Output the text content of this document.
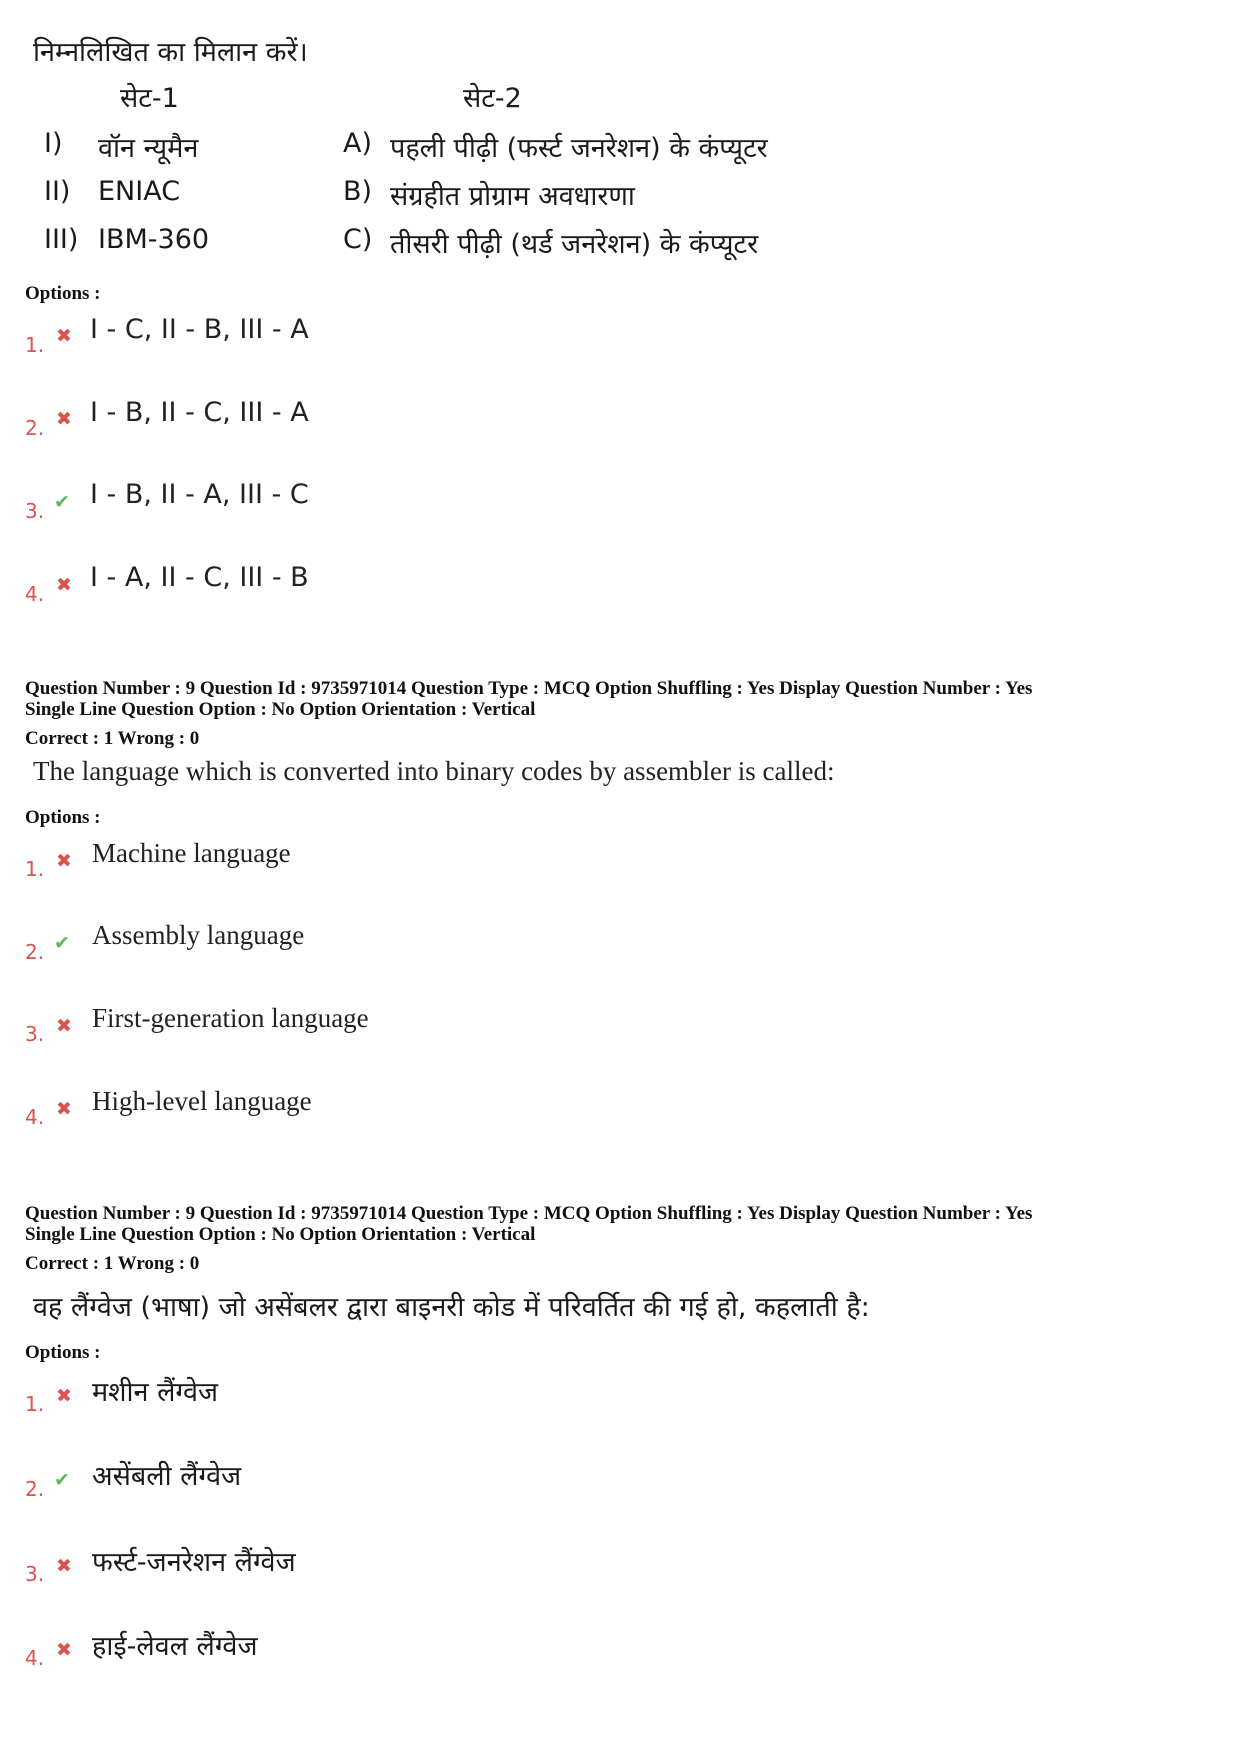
निम्नलिखित का मिलान करें।
सेट-1	सेट-2
I) वॉन न्यूमैन	A) पहली पीढ़ी (फर्स्ट जनरेशन) के कंप्यूटर
II) ENIAC	B) संग्रहीत प्रोग्राम अवधारणा
III) IBM-360	C) तीसरी पीढ़ी (थर्ड जनरेशन) के कंप्यूटर
Options :
1. ✖ I - C, II - B, III - A
2. ✖ I - B, II - C, III - A
3. ✔ I - B, II - A, III - C
4. ✖ I - A, II - C, III - B
Question Number : 9 Question Id : 9735971014 Question Type : MCQ Option Shuffling : Yes Display Question Number : Yes
Single Line Question Option : No Option Orientation : Vertical
Correct : 1 Wrong : 0
The language which is converted into binary codes by assembler is called:
Options :
1. ✖ Machine language
2. ✔ Assembly language
3. ✖ First-generation language
4. ✖ High-level language
Question Number : 9 Question Id : 9735971014 Question Type : MCQ Option Shuffling : Yes Display Question Number : Yes
Single Line Question Option : No Option Orientation : Vertical
Correct : 1 Wrong : 0
वह लैंग्वेज (भाषा) जो असेंबलर द्वारा बाइनरी कोड में परिवर्तित की गई हो, कहलाती है:
Options :
1. ✖ मशीन लैंग्वेज
2. ✔ असेंबली लैंग्वेज
3. ✖ फर्स्ट-जनरेशन लैंग्वेज
4. ✖ हाई-लेवल लैंग्वेज
